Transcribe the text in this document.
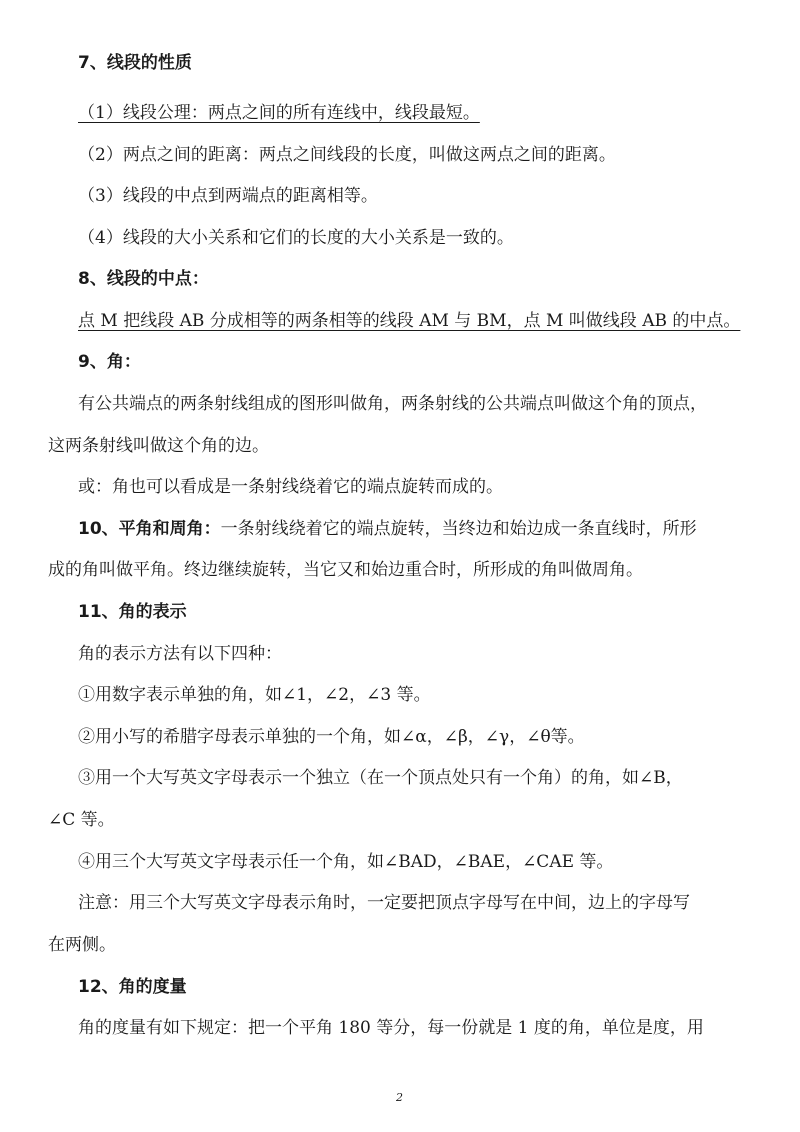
7、线段的性质
（1）线段公理：两点之间的所有连线中，线段最短。
（2）两点之间的距离：两点之间线段的长度，叫做这两点之间的距离。
（3）线段的中点到两端点的距离相等。
（4）线段的大小关系和它们的长度的大小关系是一致的。
8、线段的中点：
点 M 把线段 AB 分成相等的两条相等的线段 AM 与 BM，点 M 叫做线段 AB 的中点。
9、角：
有公共端点的两条射线组成的图形叫做角，两条射线的公共端点叫做这个角的顶点，
这两条射线叫做这个角的边。
或：角也可以看成是一条射线绕着它的端点旋转而成的。
10、平角和周角：一条射线绕着它的端点旋转，当终边和始边成一条直线时，所形
成的角叫做平角。终边继续旋转，当它又和始边重合时，所形成的角叫做周角。
11、角的表示
角的表示方法有以下四种：
①用数字表示单独的角，如∠1，∠2，∠3 等。
②用小写的希腊字母表示单独的一个角，如∠α，∠β，∠γ，∠θ等。
③用一个大写英文字母表示一个独立（在一个顶点处只有一个角）的角，如∠B，
∠C 等。
④用三个大写英文字母表示任一个角，如∠BAD，∠BAE，∠CAE 等。
注意：用三个大写英文字母表示角时，一定要把顶点字母写在中间，边上的字母写
在两侧。
12、角的度量
角的度量有如下规定：把一个平角 180 等分，每一份就是 1 度的角，单位是度，用
2
